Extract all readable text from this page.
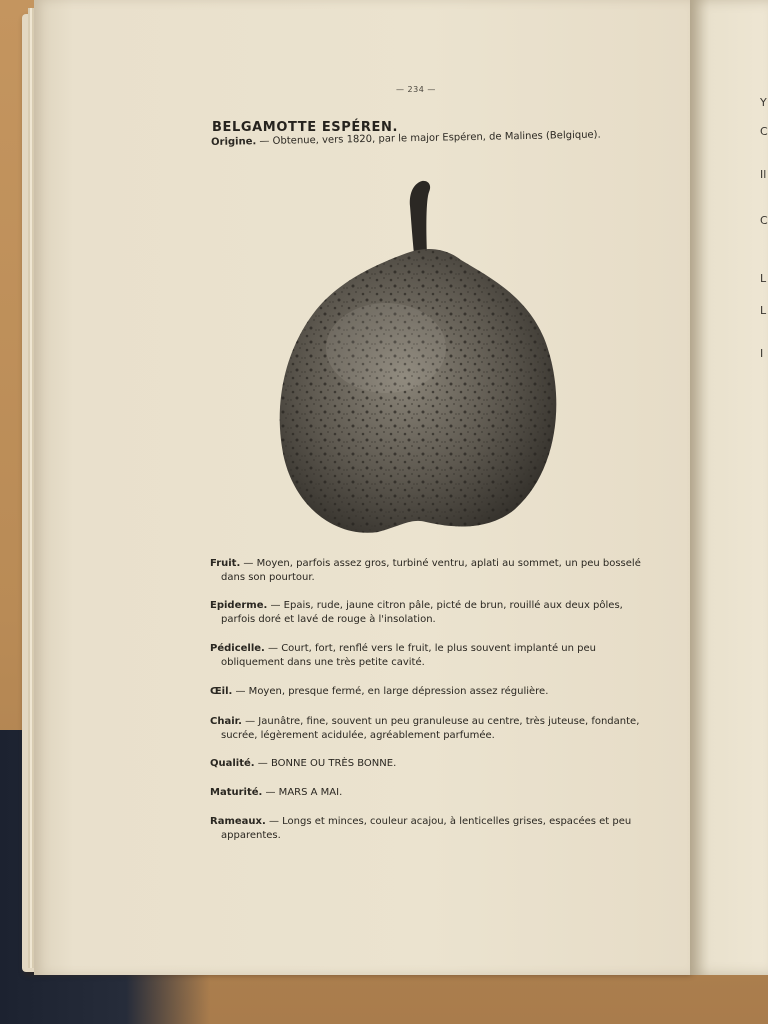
Y
C
Il
C
L
L
I
— 234 —
BELGAMOTTE ESPÉREN.
Origine. — Obtenue, vers 1820, par le major Espéren, de Malines (Belgique).
Fruit. — Moyen, parfois assez gros, turbiné ventru, aplati au sommet, un peu bosselé dans son pourtour.
Epiderme. — Epais, rude, jaune citron pâle, picté de brun, rouillé aux deux pôles, parfois doré et lavé de rouge à l'insolation.
Pédicelle. — Court, fort, renflé vers le fruit, le plus souvent implanté un peu obliquement dans une très petite cavité.
Œil. — Moyen, presque fermé, en large dépression assez régulière.
Chair. — Jaunâtre, fine, souvent un peu granuleuse au centre, très juteuse, fondante, sucrée, légèrement acidulée, agréablement parfumée.
Qualité. — BONNE OU TRÈS BONNE.
Maturité. — MARS A MAI.
Rameaux. — Longs et minces, couleur acajou, à lenticelles grises, espacées et peu apparentes.
